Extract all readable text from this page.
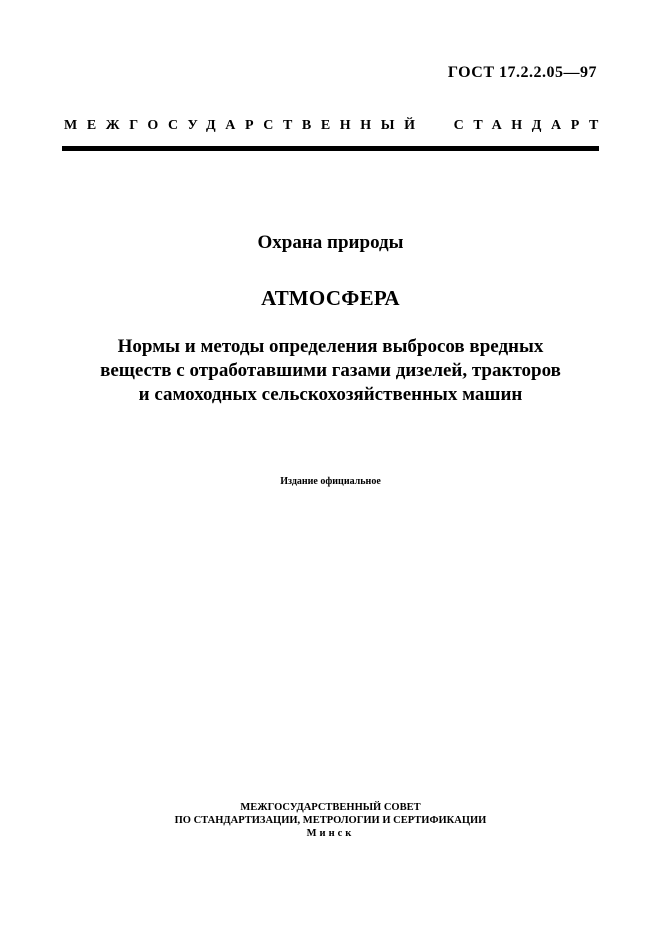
ГОСТ 17.2.2.05—97
МЕЖГОСУДАРСТВЕННЫЙ СТАНДАРТ
Охрана природы
АТМОСФЕРА
Нормы и методы определения выбросов вредных
веществ с отработавшими газами дизелей, тракторов
и самоходных сельскохозяйственных машин
Издание официальное
МЕЖГОСУДАРСТВЕННЫЙ СОВЕТ
ПО СТАНДАРТИЗАЦИИ, МЕТРОЛОГИИ И СЕРТИФИКАЦИИ
Минск
